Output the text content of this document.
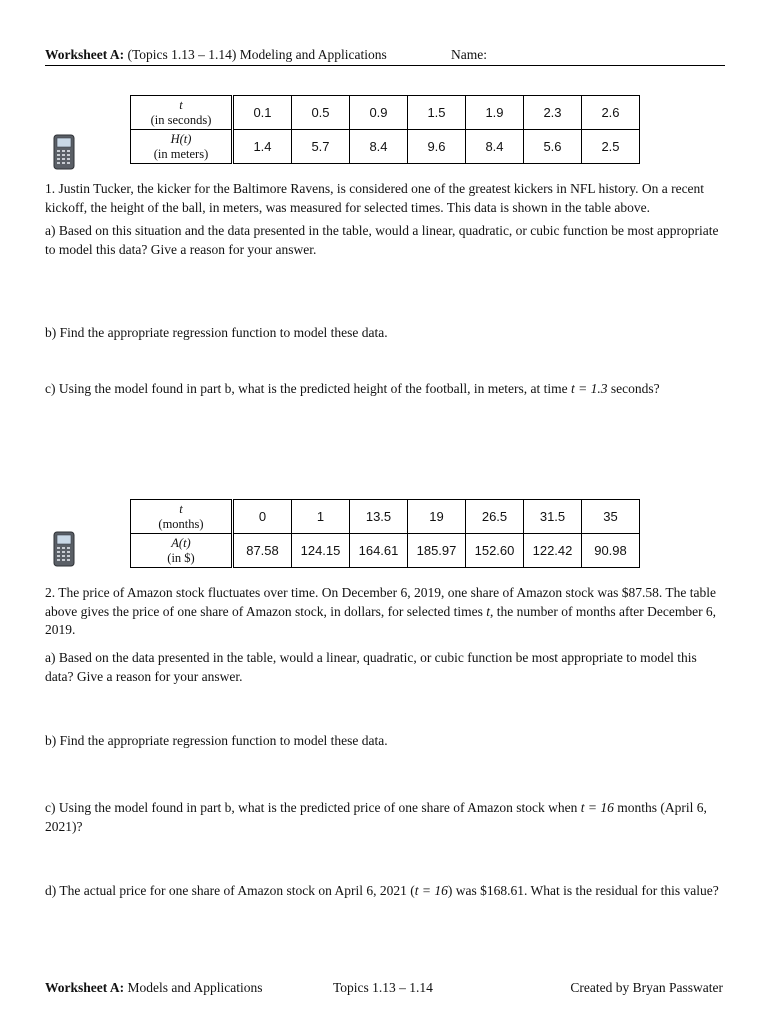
Worksheet A: (Topics 1.13 – 1.14) Modeling and Applications	Name:
t
(in seconds)	0.1	0.5	0.9	1.5	1.9	2.3	2.6
H(t)
(in meters)	1.4	5.7	8.4	9.6	8.4	5.6	2.5
1. Justin Tucker, the kicker for the Baltimore Ravens, is considered one of the greatest kickers in NFL history. On a recent kickoff, the height of the ball, in meters, was measured for selected times. This data is shown in the table above.
a) Based on this situation and the data presented in the table, would a linear, quadratic, or cubic function be most appropriate to model this data? Give a reason for your answer.
b) Find the appropriate regression function to model these data.
c) Using the model found in part b, what is the predicted height of the football, in meters, at time t = 1.3 seconds?
t
(months)	0	1	13.5	19	26.5	31.5	35
A(t)
(in $)	87.58	124.15	164.61	185.97	152.60	122.42	90.98
2. The price of Amazon stock fluctuates over time. On December 6, 2019, one share of Amazon stock was $87.58. The table above gives the price of one share of Amazon stock, in dollars, for selected times t, the number of months after December 6, 2019.
a) Based on the data presented in the table, would a linear, quadratic, or cubic function be most appropriate to model this data? Give a reason for your answer.
b) Find the appropriate regression function to model these data.
c) Using the model found in part b, what is the predicted price of one share of Amazon stock when t = 16 months (April 6, 2021)?
d) The actual price for one share of Amazon stock on April 6, 2021 (t = 16) was $168.61. What is the residual for this value?
Worksheet A: Models and Applications	Topics 1.13 – 1.14	Created by Bryan Passwater
